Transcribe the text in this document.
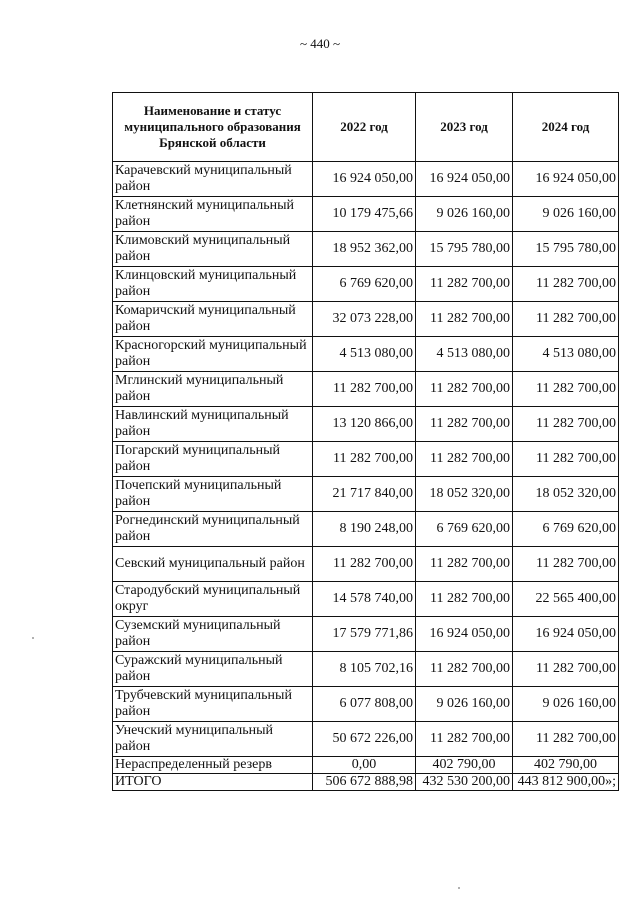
~ 440 ~
Наименование и статус муниципального образования Брянской области	2022 год	2023 год	2024 год
Карачевский муниципальный район	16 924 050,00	16 924 050,00	16 924 050,00
Клетнянский муниципальный район	10 179 475,66	9 026 160,00	9 026 160,00
Климовский муниципальный район	18 952 362,00	15 795 780,00	15 795 780,00
Клинцовский муниципальный район	6 769 620,00	11 282 700,00	11 282 700,00
Комаричский муниципальный район	32 073 228,00	11 282 700,00	11 282 700,00
Красногорский муниципальный район	4 513 080,00	4 513 080,00	4 513 080,00
Мглинский муниципальный район	11 282 700,00	11 282 700,00	11 282 700,00
Навлинский муниципальный район	13 120 866,00	11 282 700,00	11 282 700,00
Погарский муниципальный район	11 282 700,00	11 282 700,00	11 282 700,00
Почепский муниципальный район	21 717 840,00	18 052 320,00	18 052 320,00
Рогнединский муниципальный район	8 190 248,00	6 769 620,00	6 769 620,00
Севский муниципальный район	11 282 700,00	11 282 700,00	11 282 700,00
Стародубский муниципальный округ	14 578 740,00	11 282 700,00	22 565 400,00
Суземский муниципальный район	17 579 771,86	16 924 050,00	16 924 050,00
Суражский муниципальный район	8 105 702,16	11 282 700,00	11 282 700,00
Трубчевский муниципальный район	6 077 808,00	9 026 160,00	9 026 160,00
Унечский муниципальный район	50 672 226,00	11 282 700,00	11 282 700,00
Нераспределенный резерв	0,00	402 790,00	402 790,00
ИТОГО	506 672 888,98	432 530 200,00	443 812 900,00»;
